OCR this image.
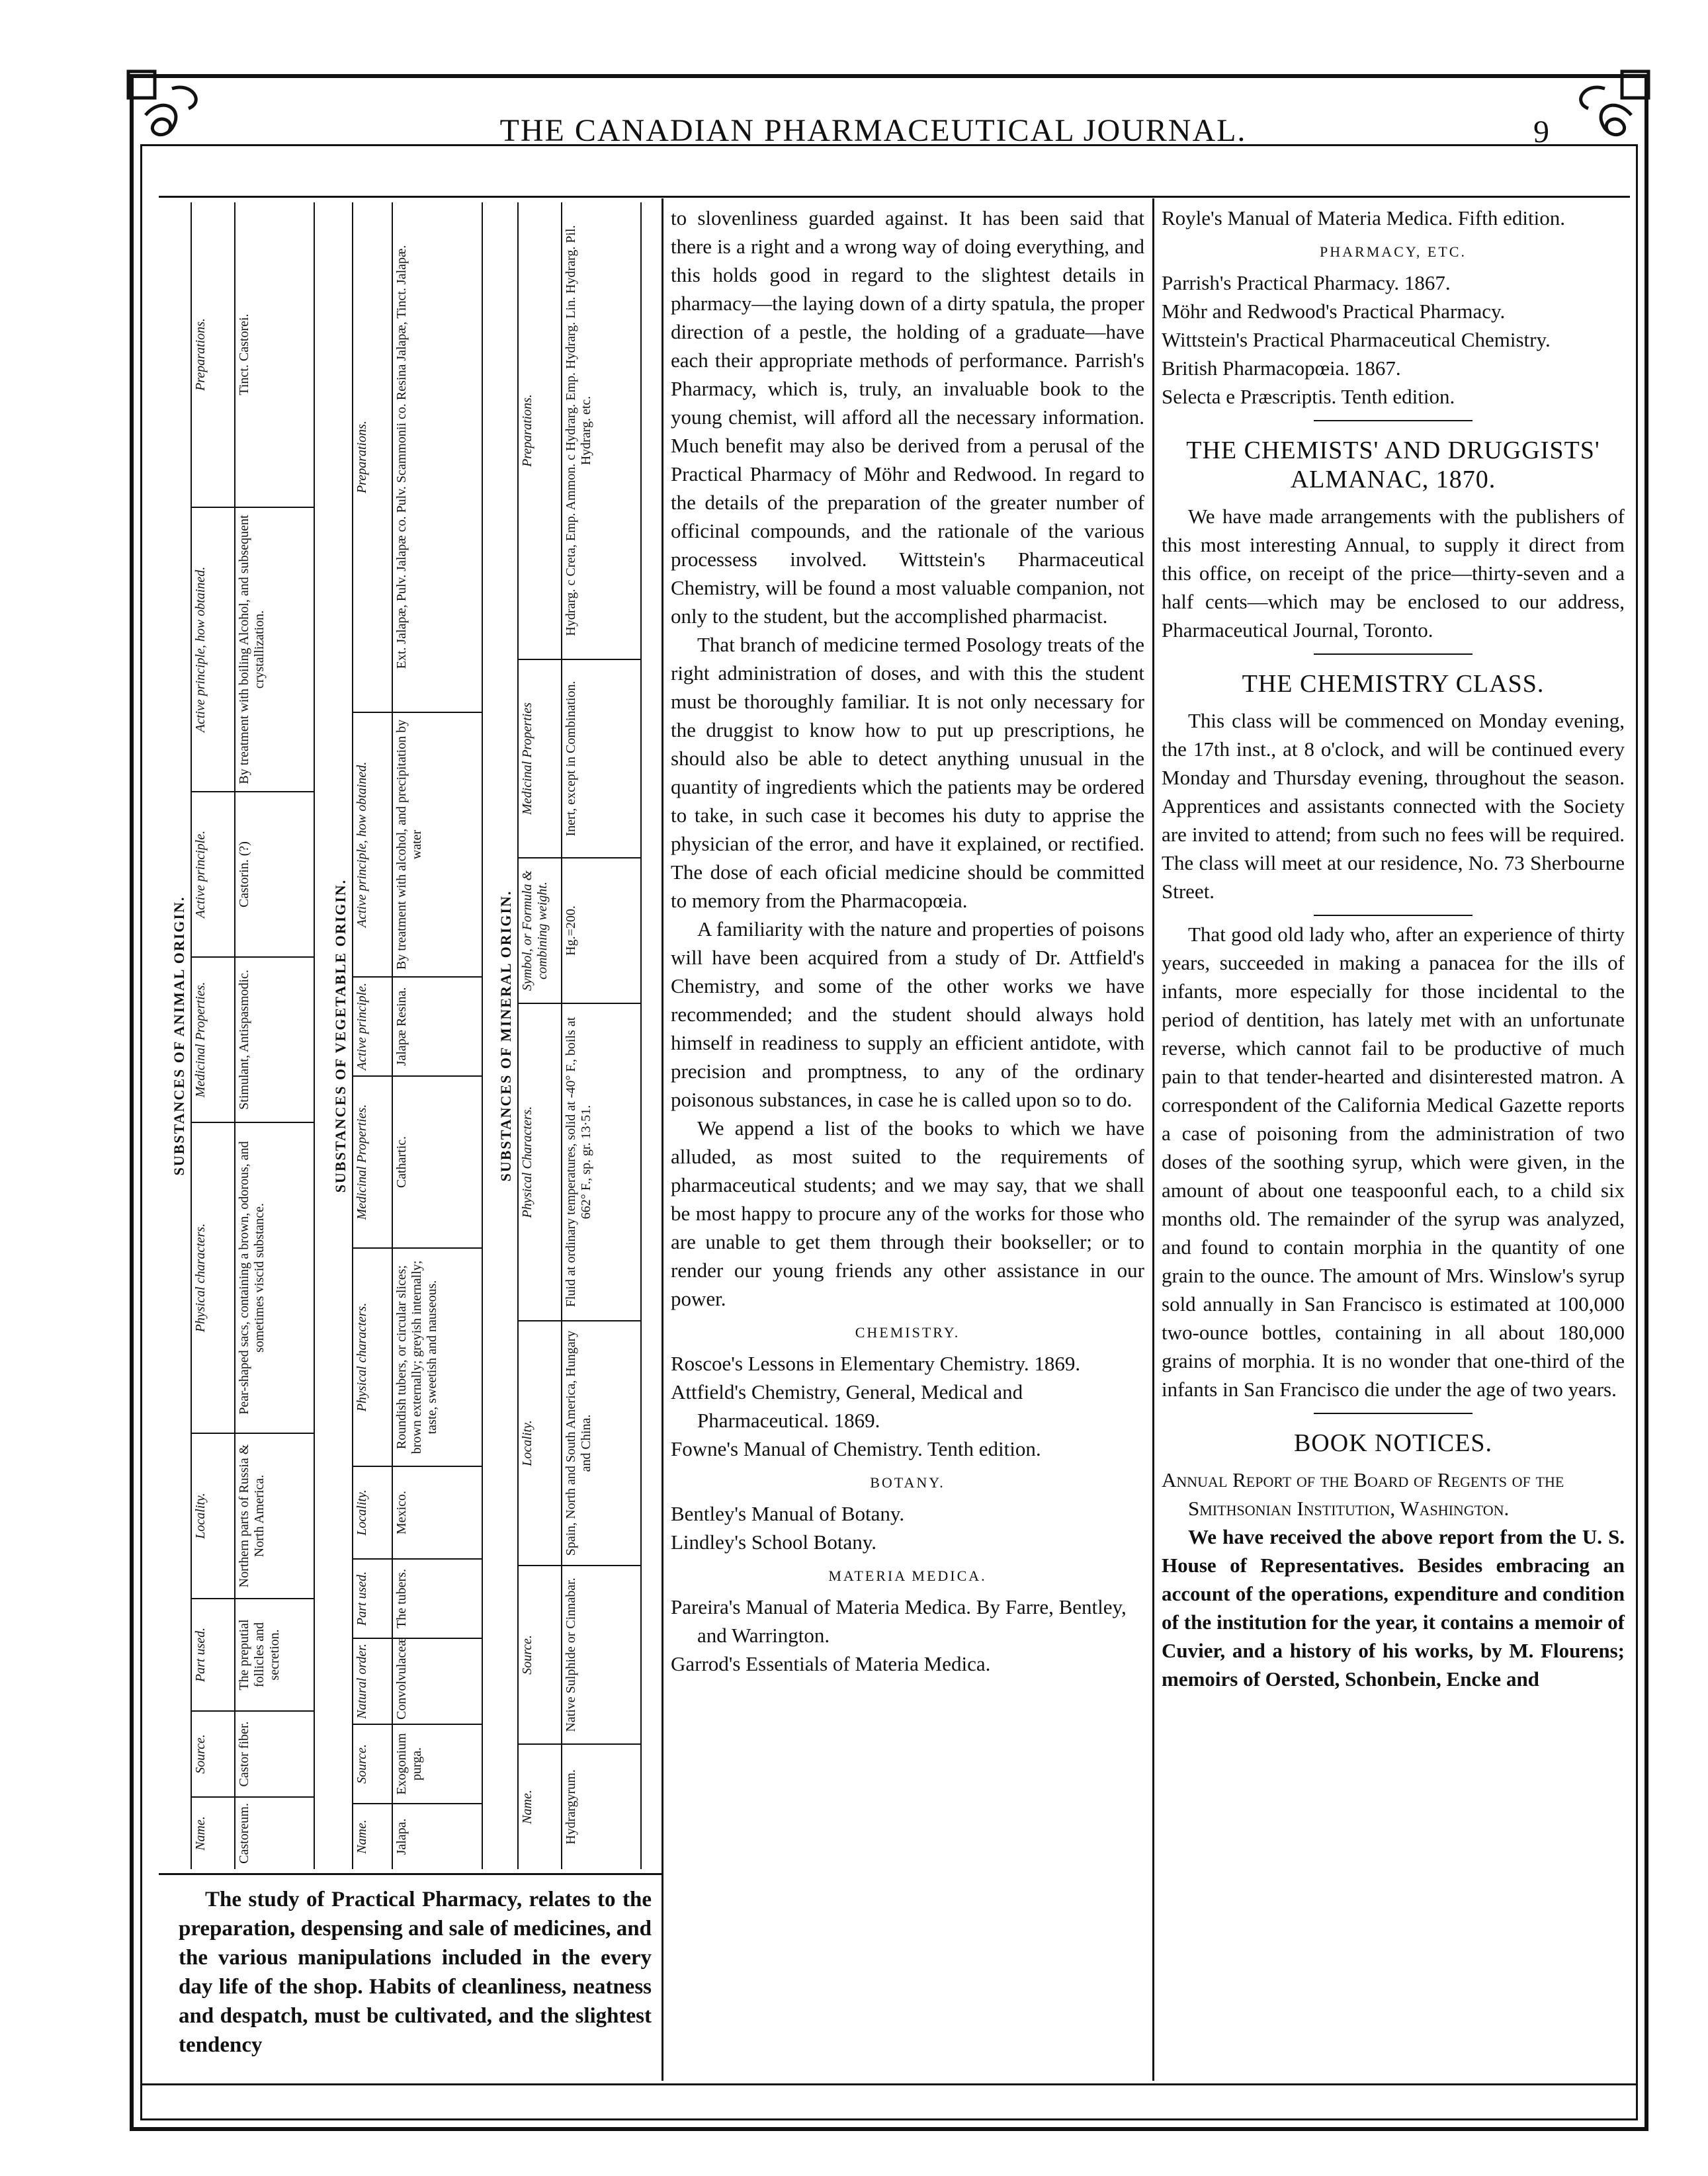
THE CANADIAN PHARMACEUTICAL JOURNAL.	9
SUBSTANCES OF ANIMAL ORIGIN.
Name.
Source.
Part used.
Locality.
Physical characters.
Medicinal Properties.
Active principle.
Active principle, how obtained.
Preparations.
Castoreum.
Castor fiber.
The preputial follicles and secretion.
Northern parts of Russia & North America.
Pear-shaped sacs, containing a brown, odorous, and sometimes viscid substance.
Stimulant, Antispasmodic.
Castorin. (?)
By treatment with boiling Alcohol, and subsequent crystallization.
Tinct. Castorei.
SUBSTANCES OF VEGETABLE ORIGIN.
Name.
Source.
Natural order.
Part used.
Locality.
Physical characters.
Medicinal Properties.
Active principle.
Active principle, how obtained.
Preparations.
Jalapa.
Exogonium purga.
Convolvulaceæ
The tubers.
Mexico.
Roundish tubers, or circular slices; brown externally; greyish internally; taste, sweetish and nauseous.
Cathartic.
Jalapæ Resina.
By treatment with alcohol, and precipitation by water
Ext. Jalapæ, Pulv. Jalapæ co. Pulv. Scammonii co. Resina Jalapæ, Tinct. Jalapæ.
SUBSTANCES OF MINERAL ORIGIN.
Name.
Source.
Locality.
Physical Characters.
Symbol, or Formula & combining weight.
Medicinal Properties
Preparations.
Hydrargyrum.
Native Sulphide or Cinnabar.
Spain, North and South America, Hungary and China.
Fluid at ordinary temperatures, solid at -40° F., boils at 662° F., sp. gr. 13·51.
Hg.=200.
Inert, except in Combination.
Hydrarg. c Creta, Emp. Ammon. c Hydrarg. Emp. Hydrarg. Lin. Hydrarg. Pil. Hydrarg. etc.

The study of Practical Pharmacy, relates to the preparation, despensing and sale of medicines, and the various manipulations included in the every day life of the shop. Habits of cleanliness, neatness and despatch, must be cultivated, and the slightest tendency

to slovenliness guarded against. It has been said that there is a right and a wrong way of doing everything, and this holds good in regard to the slightest details in pharmacy—the laying down of a dirty spatula, the proper direction of a pestle, the holding of a graduate—have each their appropriate methods of performance. Parrish's Pharmacy, which is, truly, an invaluable book to the young chemist, will afford all the necessary information. Much benefit may also be derived from a perusal of the Practical Pharmacy of Möhr and Redwood. In regard to the details of the preparation of the greater number of officinal compounds, and the rationale of the various processess involved. Wittstein's Pharmaceutical Chemistry, will be found a most valuable companion, not only to the student, but the accomplished pharmacist.

That branch of medicine termed Posology treats of the right administration of doses, and with this the student must be thoroughly familiar. It is not only necessary for the druggist to know how to put up prescriptions, he should also be able to detect anything unusual in the quantity of ingredients which the patients may be ordered to take, in such case it becomes his duty to apprise the physician of the error, and have it explained, or rectified. The dose of each oficial medicine should be committed to memory from the Pharmacopœia.

A familiarity with the nature and properties of poisons will have been acquired from a study of Dr. Attfield's Chemistry, and some of the other works we have recommended; and the student should always hold himself in readiness to supply an efficient antidote, with precision and promptness, to any of the ordinary poisonous substances, in case he is called upon so to do.

We append a list of the books to which we have alluded, as most suited to the requirements of pharmaceutical students; and we may say, that we shall be most happy to procure any of the works for those who are unable to get them through their bookseller; or to render our young friends any other assistance in our power.

CHEMISTRY.

Roscoe's Lessons in Elementary Chemistry. 1869.

Attfield's Chemistry, General, Medical and Pharmaceutical. 1869.

Fowne's Manual of Chemistry. Tenth edition.

BOTANY.

Bentley's Manual of Botany.

Lindley's School Botany.

MATERIA MEDICA.

Pareira's Manual of Materia Medica. By Farre, Bentley, and Warrington.

Garrod's Essentials of Materia Medica.

Royle's Manual of Materia Medica. Fifth edition.

PHARMACY, ETC.

Parrish's Practical Pharmacy. 1867.

Möhr and Redwood's Practical Pharmacy.

Wittstein's Practical Pharmaceutical Chemistry.

British Pharmacopœia. 1867.

Selecta e Præscriptis. Tenth edition.

THE CHEMISTS' AND DRUGGISTS' ALMANAC, 1870.

We have made arrangements with the publishers of this most interesting Annual, to supply it direct from this office, on receipt of the price—thirty-seven and a half cents—which may be enclosed to our address, Pharmaceutical Journal, Toronto.

THE CHEMISTRY CLASS.

This class will be commenced on Monday evening, the 17th inst., at 8 o'clock, and will be continued every Monday and Thursday evening, throughout the season. Apprentices and assistants connected with the Society are invited to attend; from such no fees will be required. The class will meet at our residence, No. 73 Sherbourne Street.

That good old lady who, after an experience of thirty years, succeeded in making a panacea for the ills of infants, more especially for those incidental to the period of dentition, has lately met with an unfortunate reverse, which cannot fail to be productive of much pain to that tender-hearted and disinterested matron. A correspondent of the California Medical Gazette reports a case of poisoning from the administration of two doses of the soothing syrup, which were given, in the amount of about one teaspoonful each, to a child six months old. The remainder of the syrup was analyzed, and found to contain morphia in the quantity of one grain to the ounce. The amount of Mrs. Winslow's syrup sold annually in San Francisco is estimated at 100,000 two-ounce bottles, containing in all about 180,000 grains of morphia. It is no wonder that one-third of the infants in San Francisco die under the age of two years.

BOOK NOTICES.

Annual Report of the Board of Regents of the Smithsonian Institution, Washington.

We have received the above report from the U. S. House of Representatives. Besides embracing an account of the operations, expenditure and condition of the institution for the year, it contains a memoir of Cuvier, and a history of his works, by M. Flourens; memoirs of Oersted, Schonbein, Encke and
